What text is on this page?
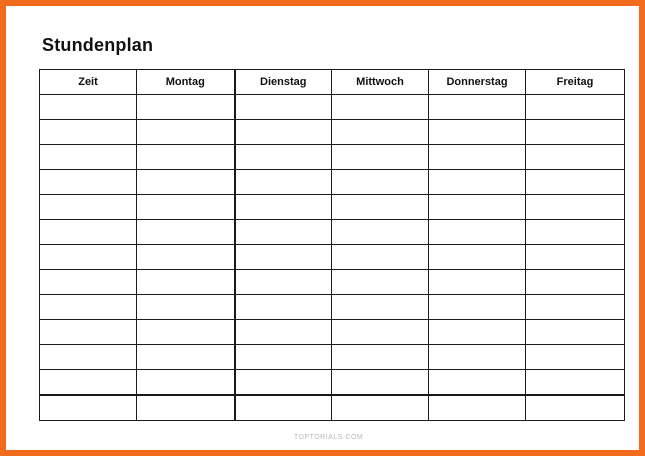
Stundenplan
Zeit	Montag	Dienstag	Mittwoch	Donnerstag	Freitag

TOPTORIALS.COM
